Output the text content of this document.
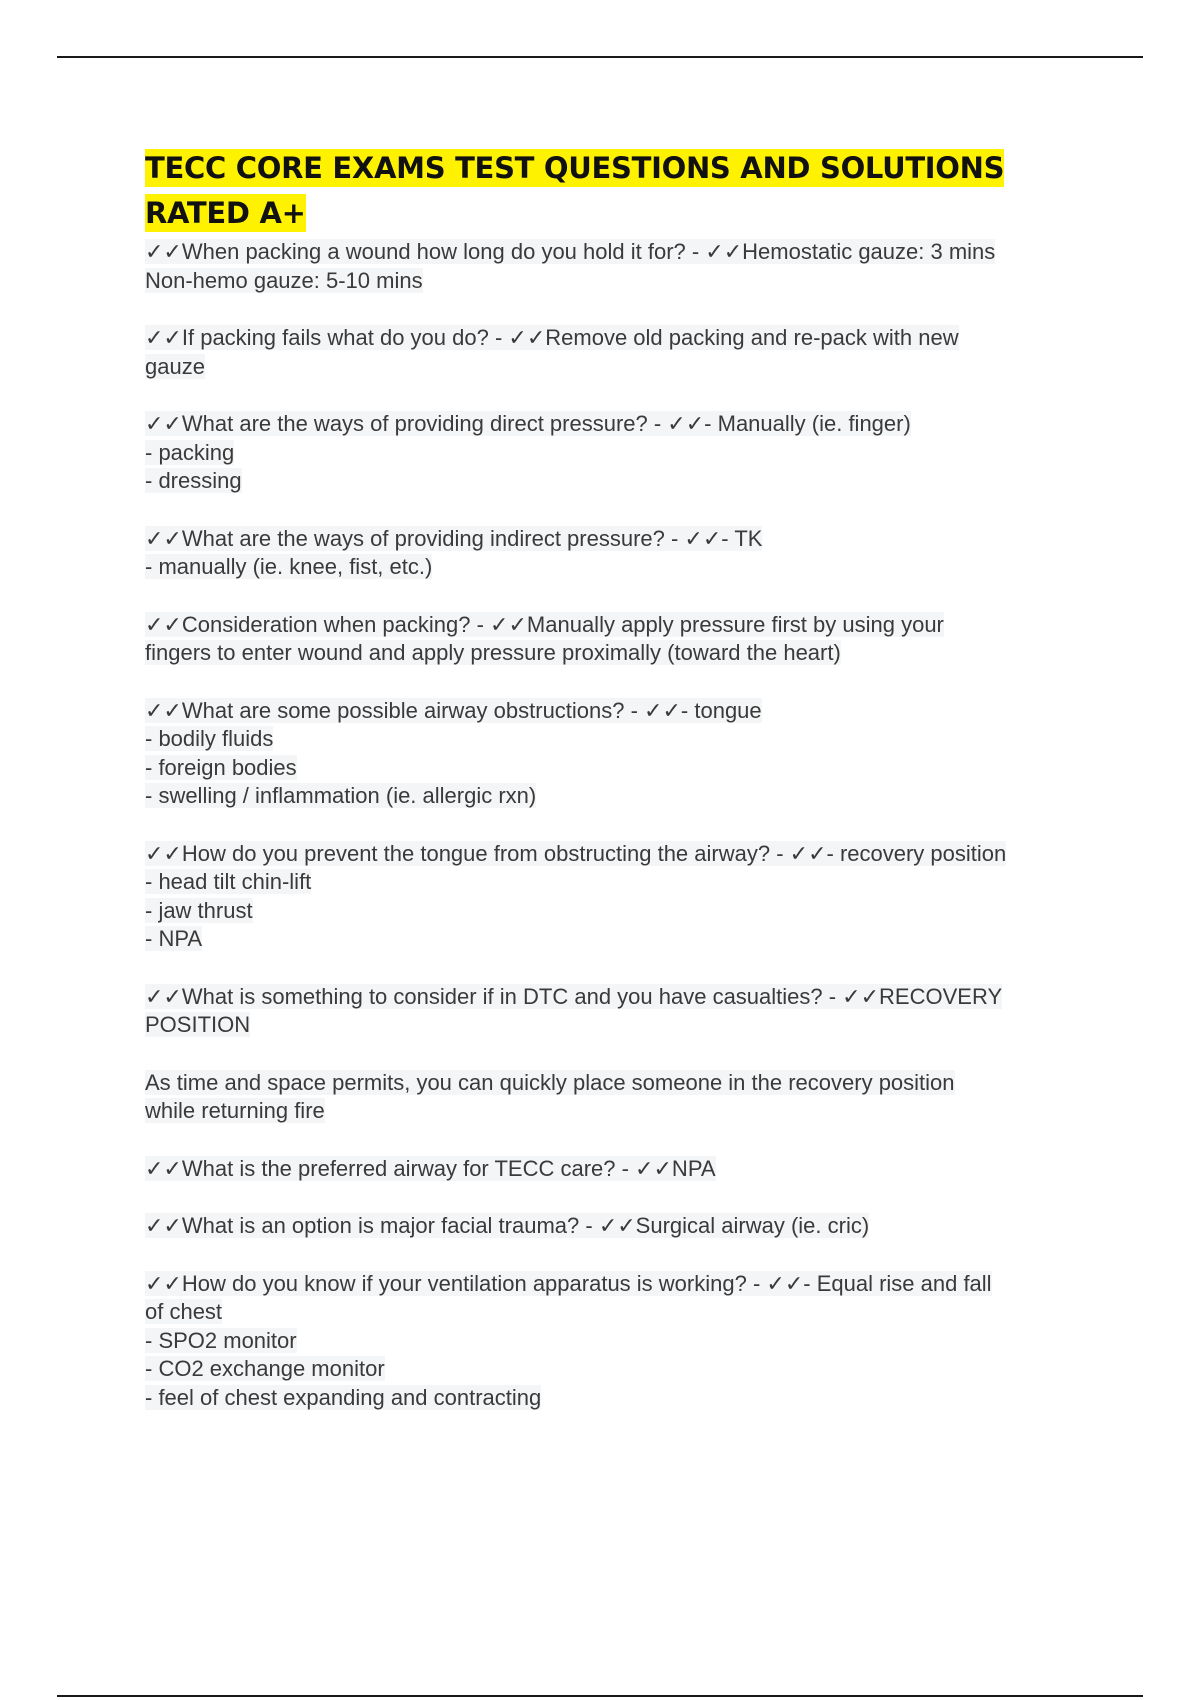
TECC CORE EXAMS TEST QUESTIONS AND SOLUTIONS RATED A+
✓✓When packing a wound how long do you hold it for? - ✓✓Hemostatic gauze: 3 mins
Non-hemo gauze: 5-10 mins
✓✓If packing fails what do you do? - ✓✓Remove old packing and re-pack with new
gauze
✓✓What are the ways of providing direct pressure? - ✓✓- Manually (ie. finger)
- packing
- dressing
✓✓What are the ways of providing indirect pressure? - ✓✓- TK
- manually (ie. knee, fist, etc.)
✓✓Consideration when packing? - ✓✓Manually apply pressure first by using your
fingers to enter wound and apply pressure proximally (toward the heart)
✓✓What are some possible airway obstructions? - ✓✓- tongue
- bodily fluids
- foreign bodies
- swelling / inflammation (ie. allergic rxn)
✓✓How do you prevent the tongue from obstructing the airway? - ✓✓- recovery position
- head tilt chin-lift
- jaw thrust
- NPA
✓✓What is something to consider if in DTC and you have casualties? - ✓✓RECOVERY
POSITION
As time and space permits, you can quickly place someone in the recovery position
while returning fire
✓✓What is the preferred airway for TECC care? - ✓✓NPA
✓✓What is an option is major facial trauma? - ✓✓Surgical airway (ie. cric)
✓✓How do you know if your ventilation apparatus is working? - ✓✓- Equal rise and fall
of chest
- SPO2 monitor
- CO2 exchange monitor
- feel of chest expanding and contracting
